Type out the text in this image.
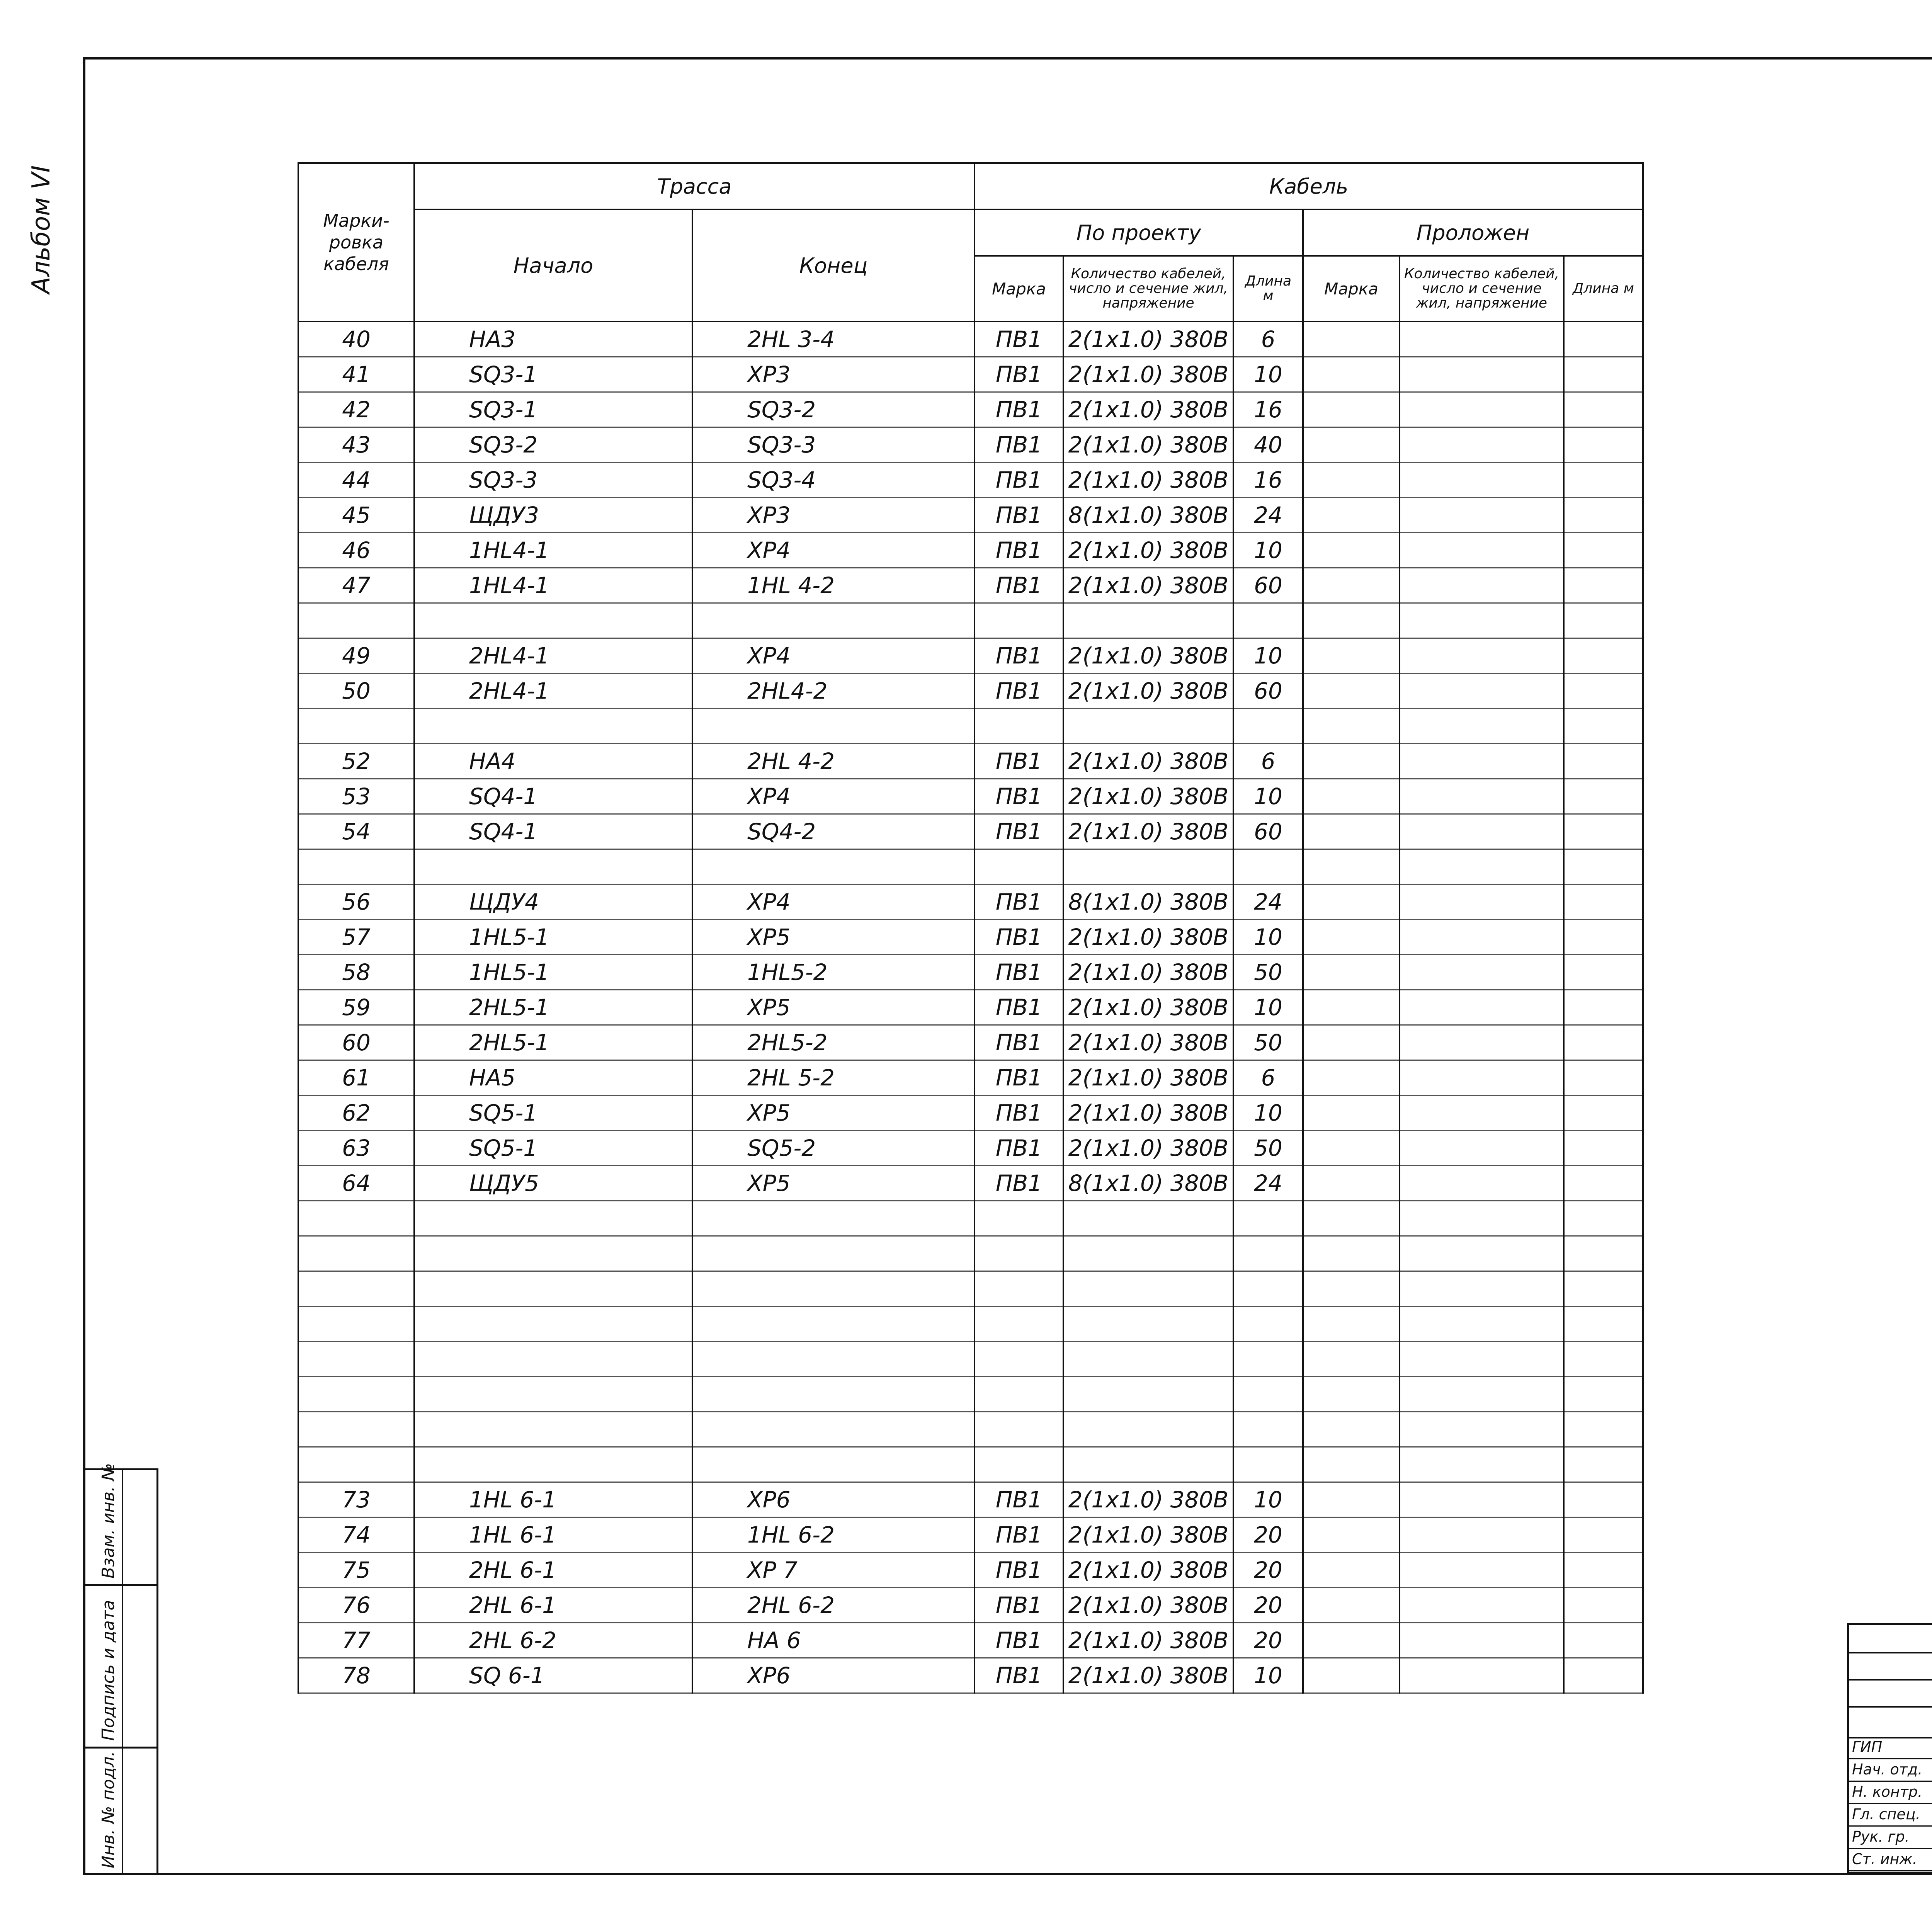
Альбом VI	Марки-ровка кабеля	Трасса		Кабель					
	Начало	Конец	По проекту			Проложен		
			Марка	Количество кабелей, число и сечение жил, напряжение	Длина м	Марка	Количество кабелей, число и сечение жил, напряжение	Длина м
40	НА3	2НL 3-4	ПВ1	2(1x1.0) 380В	6			
41	SQ3-1	ХР3	ПВ1	2(1x1.0) 380В	10			
42	SQ3-1	SQ3-2	ПВ1	2(1x1.0) 380В	16			
43	SQ3-2	SQ3-3	ПВ1	2(1x1.0) 380В	40			
44	SQ3-3	SQ3-4	ПВ1	2(1x1.0) 380В	16			
45	ЩДУ3	ХР3	ПВ1	8(1x1.0) 380В	24			
46	1НL4-1	ХР4	ПВ1	2(1x1.0) 380В	10			
47	1НL4-1	1НL 4-2	ПВ1	2(1x1.0) 380В	60			

49	2НL4-1	ХР4	ПВ1	2(1x1.0) 380В	10			
50	2НL4-1	2НL4-2	ПВ1	2(1x1.0) 380В	60			

52	НА4	2НL 4-2	ПВ1	2(1x1.0) 380В	6			
53	SQ4-1	ХР4	ПВ1	2(1x1.0) 380В	10			
54	SQ4-1	SQ4-2	ПВ1	2(1x1.0) 380В	60			

56	ЩДУ4	ХР4	ПВ1	8(1x1.0) 380В	24			
57	1НL5-1	ХР5	ПВ1	2(1x1.0) 380В	10			
58	1НL5-1	1НL5-2	ПВ1	2(1x1.0) 380В	50			
59	2НL5-1	ХР5	ПВ1	2(1x1.0) 380В	10			
60	2НL5-1	2НL5-2	ПВ1	2(1x1.0) 380В	50			
61	НА5	2НL 5-2	ПВ1	2(1x1.0) 380В	6			
62	SQ5-1	ХР5	ПВ1	2(1x1.0) 380В	10			
63	SQ5-1	SQ5-2	ПВ1	2(1x1.0) 380В	50			
64	ЩДУ5	ХР5	ПВ1	8(1x1.0) 380В	24			

73	1НL 6-1	ХР6	ПВ1	2(1x1.0) 380В	10			
74	1НL 6-1	1НL 6-2	ПВ1	2(1x1.0) 380В	20			
75	2НL 6-1	ХР 7	ПВ1	2(1x1.0) 380В	20			
76	2НL 6-1	2НL 6-2	ПВ1	2(1x1.0) 380В	20			
77	2НL 6-2	НА 6	ПВ1	2(1x1.0) 380В	20			
78	SQ 6-1	ХР6	ПВ1	2(1x1.0) 380В	10			
Взам. инв. №
Подпись и дата
Инв. № подл.
ГИП
Нач. отд.
Н. контр.
Гл. спец.
Рук. гр.
Ст. инж.
